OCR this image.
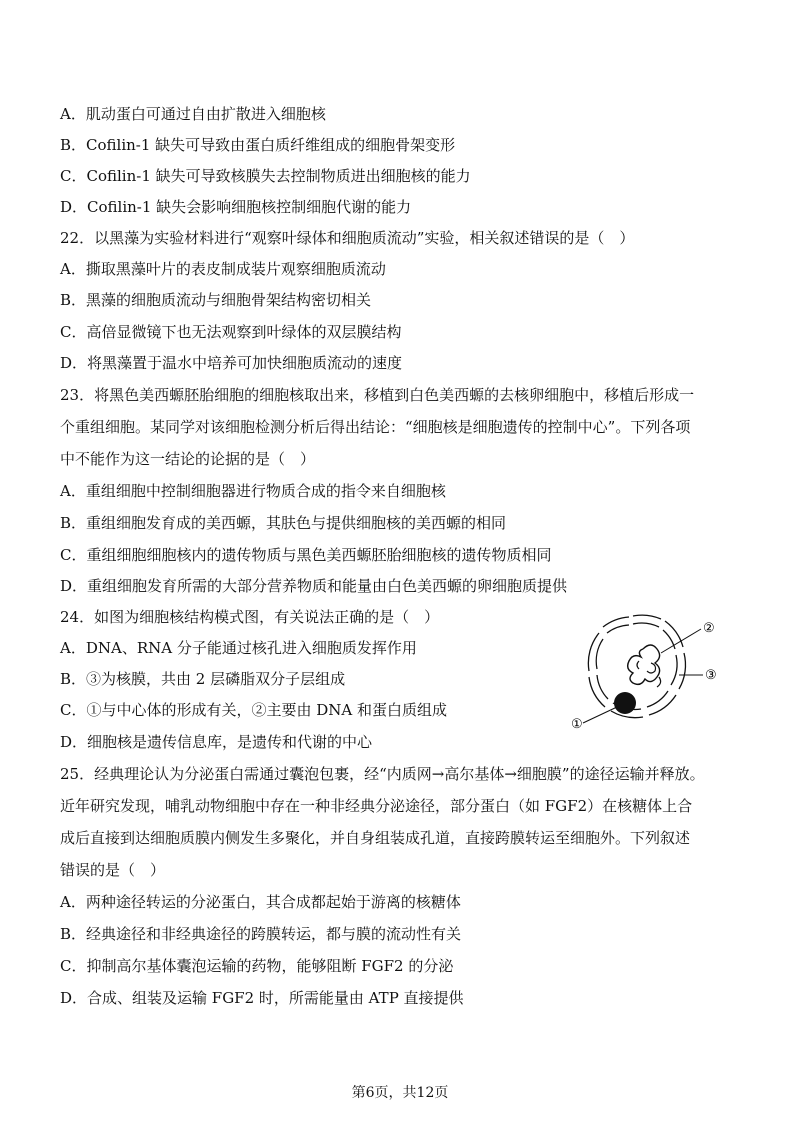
A．肌动蛋白可通过自由扩散进入细胞核
B．Cofilin-1 缺失可导致由蛋白质纤维组成的细胞骨架变形
C．Cofilin-1 缺失可导致核膜失去控制物质进出细胞核的能力
D．Cofilin-1 缺失会影响细胞核控制细胞代谢的能力
22．以黑藻为实验材料进行“观察叶绿体和细胞质流动”实验，相关叙述错误的是（　）
A．撕取黑藻叶片的表皮制成装片观察细胞质流动
B．黑藻的细胞质流动与细胞骨架结构密切相关
C．高倍显微镜下也无法观察到叶绿体的双层膜结构
D．将黑藻置于温水中培养可加快细胞质流动的速度
23．将黑色美西螈胚胎细胞的细胞核取出来，移植到白色美西螈的去核卵细胞中，移植后形成一
个重组细胞。某同学对该细胞检测分析后得出结论：“细胞核是细胞遗传的控制中心”。下列各项
中不能作为这一结论的论据的是（　）
A．重组细胞中控制细胞器进行物质合成的指令来自细胞核
B．重组细胞发育成的美西螈，其肤色与提供细胞核的美西螈的相同
C．重组细胞细胞核内的遗传物质与黑色美西螈胚胎细胞核的遗传物质相同
D．重组细胞发育所需的大部分营养物质和能量由白色美西螈的卵细胞质提供
24．如图为细胞核结构模式图，有关说法正确的是（　）
A．DNA、RNA 分子能通过核孔进入细胞质发挥作用
B．③为核膜，共由 2 层磷脂双分子层组成
C．①与中心体的形成有关，②主要由 DNA 和蛋白质组成
D．细胞核是遗传信息库，是遗传和代谢的中心
25．经典理论认为分泌蛋白需通过囊泡包裹，经“内质网→高尔基体→细胞膜”的途径运输并释放。
近年研究发现，哺乳动物细胞中存在一种非经典分泌途径，部分蛋白（如 FGF2）在核糖体上合
成后直接到达细胞质膜内侧发生多聚化，并自身组装成孔道，直接跨膜转运至细胞外。下列叙述
错误的是（　）
A．两种途径转运的分泌蛋白，其合成都起始于游离的核糖体
B．经典途径和非经典途径的跨膜转运，都与膜的流动性有关
C．抑制高尔基体囊泡运输的药物，能够阻断 FGF2 的分泌
D．合成、组装及运输 FGF2 时，所需能量由 ATP 直接提供
①
②
③
第6页，共12页
